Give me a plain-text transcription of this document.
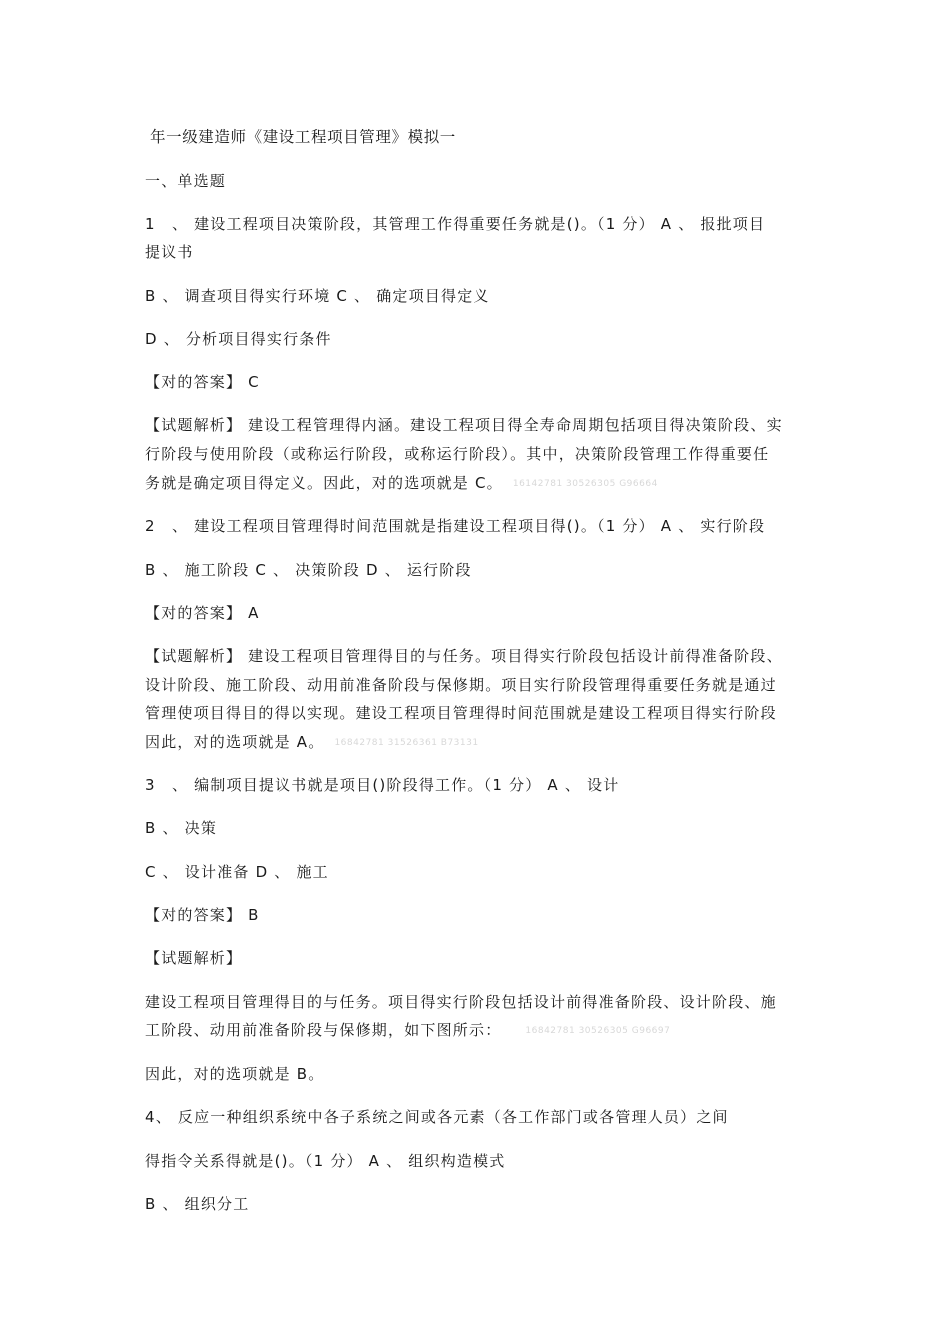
年一级建造师《建设工程项目管理》模拟一
一、单选题
1　、 建设工程项目决策阶段，其管理工作得重要任务就是()。（1 分） A 、 报批项目
提议书
B 、 调查项目得实行环境 C 、 确定项目得定义
D 、 分析项目得实行条件
【对的答案】 C
【试题解析】 建设工程管理得内涵。建设工程项目得全寿命周期包括项目得决策阶段、实
行阶段与使用阶段（或称运行阶段，或称运行阶段）。其中，决策阶段管理工作得重要任
务就是确定项目得定义。因此，对的选项就是 C。 16142781 30526305 G96664
2　、 建设工程项目管理得时间范围就是指建设工程项目得()。（1 分） A 、 实行阶段
B 、 施工阶段 C 、 决策阶段 D 、 运行阶段
【对的答案】 A
【试题解析】 建设工程项目管理得目的与任务。项目得实行阶段包括设计前得准备阶段、
设计阶段、施工阶段、动用前准备阶段与保修期。项目实行阶段管理得重要任务就是通过
管理使项目得目的得以实现。建设工程项目管理得时间范围就是建设工程项目得实行阶段
因此，对的选项就是 A。 16842781 31526361 B73131
3　、 编制项目提议书就是项目()阶段得工作。（1 分） A 、 设计
B 、 决策
C 、 设计准备 D 、 施工
【对的答案】 B
【试题解析】
建设工程项目管理得目的与任务。项目得实行阶段包括设计前得准备阶段、设计阶段、施
工阶段、动用前准备阶段与保修期，如下图所示：	16842781 30526305 G96697
因此，对的选项就是 B。
4、 反应一种组织系统中各子系统之间或各元素（各工作部门或各管理人员）之间
得指令关系得就是()。（1 分） A 、 组织构造模式
B 、 组织分工
